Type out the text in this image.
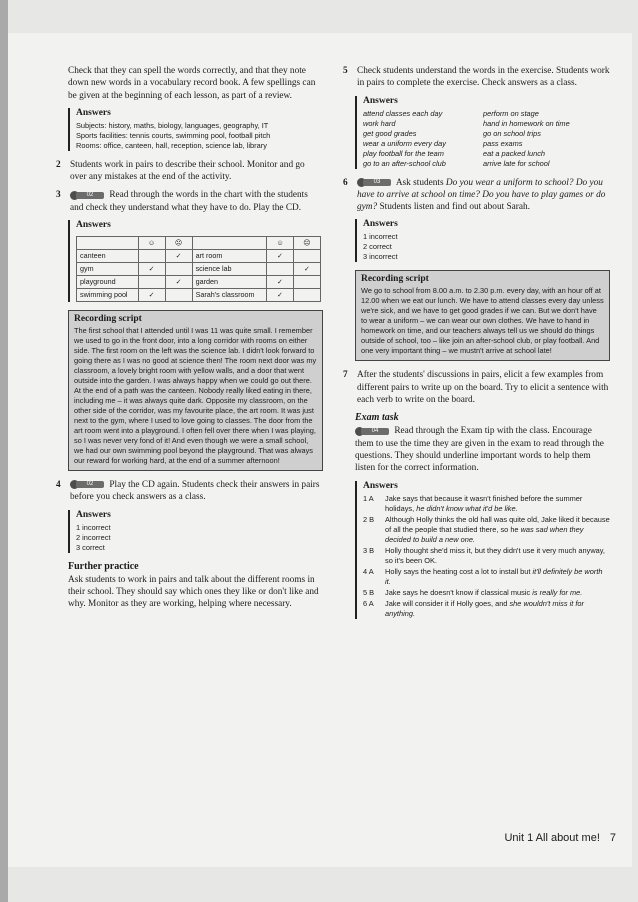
Check that they can spell the words correctly, and that they note down new words in a vocabulary record book. A few spellings can be given at the beginning of each lesson, as part of a review.

Answers
Subjects: history, maths, biology, languages, geography, IT
Sports facilities: tennis courts, swimming pool, football pitch
Rooms: office, canteen, hall, reception, science lab, library
2 Students work in pairs to describe their school. Monitor and go over any mistakes at the end of the activity.
3	02	Read through the words in the chart with the students and check they understand what they have to do. Play the CD.
Answers
	☺	☹		☺	☹
canteen		✓	art room	✓	
gym	✓		science lab		✓
playground		✓	garden	✓	
swimming pool	✓		Sarah's classroom	✓	
Recording script
The first school that I attended until I was 11 was quite small. I remember we used to go in the front door, into a long corridor with rooms on either side. The first room on the left was the science lab. I didn't look forward to going there as I was no good at science then! The room next door was my classroom, a lovely bright room with yellow walls, and a door that went outside into the garden. I was always happy when we could go out there. At the end of a path was the canteen. Nobody really liked eating in there, including me – it was always quite dark. Opposite my classroom, on the other side of the corridor, was my favourite place, the art room. It was just next to the gym, where I used to love going to classes. The door from the art room went into a playground. I often fell over there when I was playing, so I was never very fond of it! And even though we were a small school, we had our own swimming pool beyond the playground. That was always our reward for working hard, at the end of a summer afternoon!
4	02	Play the CD again. Students check their answers in pairs before you check answers as a class.
Answers
1 incorrect
2 incorrect
3 correct
Further practice

Ask students to work in pairs and talk about the different rooms in their school. They should say which ones they like or don't like and why. Monitor as they are working, helping where necessary.

5 Check students understand the words in the exercise. Students work in pairs to complete the exercise. Check answers as a class.
Answers
attend classes each day	perform on stage
work hard	hand in homework on time
get good grades	go on school trips
wear a uniform every day	pass exams
play football for the team	eat a packed lunch
go to an after-school club	arrive late for school
6	03	Ask students Do you wear a uniform to school? Do you have to arrive at school on time? Do you have to play games or do gym? Students listen and find out about Sarah.
Answers
1 incorrect
2 correct
3 incorrect
Recording script
We go to school from 8.00 a.m. to 2.30 p.m. every day, with an hour off at 12.00 when we eat our lunch. We have to attend classes every day unless we're sick, and we have to get good grades if we can. But we don't have to wear a uniform – we can wear our own clothes. We have to hand in homework on time, and our teachers always tell us we should do things outside of school, too – like join an after-school club, or play football. And one very important thing – we mustn't arrive at school late!
7 After the students' discussions in pairs, elicit a few examples from different pairs to write up on the board. Try to elicit a sentence with each verb to write on the board.
Exam task

04	Read through the Exam tip with the class. Encourage them to use the time they are given in the exam to read through the questions. They should underline important words to help them listen for the correct information.

Answers
1 A Jake says that because it wasn't finished before the summer holidays, he didn't know what it'd be like.
2 B Although Holly thinks the old hall was quite old, Jake liked it because of all the people that studied there, so he was sad when they decided to build a new one.
3 B Holly thought she'd miss it, but they didn't use it very much anyway, so it's been OK.
4 A Holly says the heating cost a lot to install but it'll definitely be worth it.
5 B Jake says he doesn't know if classical music is really for me.
6 A Jake will consider it if Holly goes, and she wouldn't miss it for anything.
Unit 1 All about me! 7
